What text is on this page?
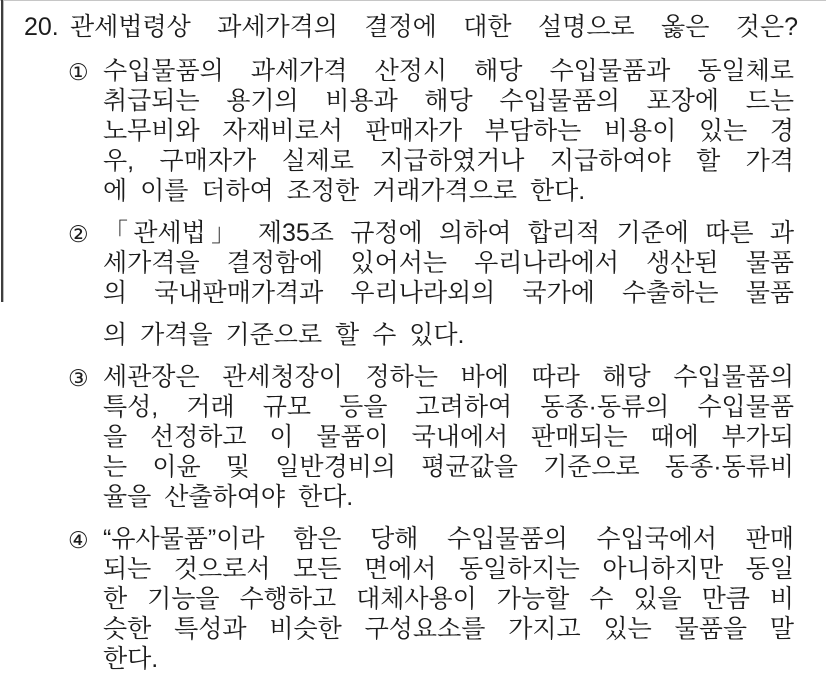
20. 관세법령상 과세가격의 결정에 대한 설명으로 옳은 것은?
① 수입물품의 과세가격 산정시 해당 수입물품과 동일체로
취급되는 용기의 비용과 해당 수입물품의 포장에 드는
노무비와 자재비로서 판매자가 부담하는 비용이 있는 경
우, 구매자가 실제로 지급하였거나 지급하여야 할 가격
에 이를 더하여 조정한 거래가격으로 한다.
② 「관세법」 제35조 규정에 의하여 합리적 기준에 따른 과
세가격을 결정함에 있어서는 우리나라에서 생산된 물품
의 국내판매가격과 우리나라외의 국가에 수출하는 물품
의 가격을 기준으로 할 수 있다.
③ 세관장은 관세청장이 정하는 바에 따라 해당 수입물품의
특성, 거래 규모 등을 고려하여 동종·동류의 수입물품
을 선정하고 이 물품이 국내에서 판매되는 때에 부가되
는 이윤 및 일반경비의 평균값을 기준으로 동종·동류비
율을 산출하여야 한다.
④ “유사물품”이라 함은 당해 수입물품의 수입국에서 판매
되는 것으로서 모든 면에서 동일하지는 아니하지만 동일
한 기능을 수행하고 대체사용이 가능할 수 있을 만큼 비
슷한 특성과 비슷한 구성요소를 가지고 있는 물품을 말
한다.
